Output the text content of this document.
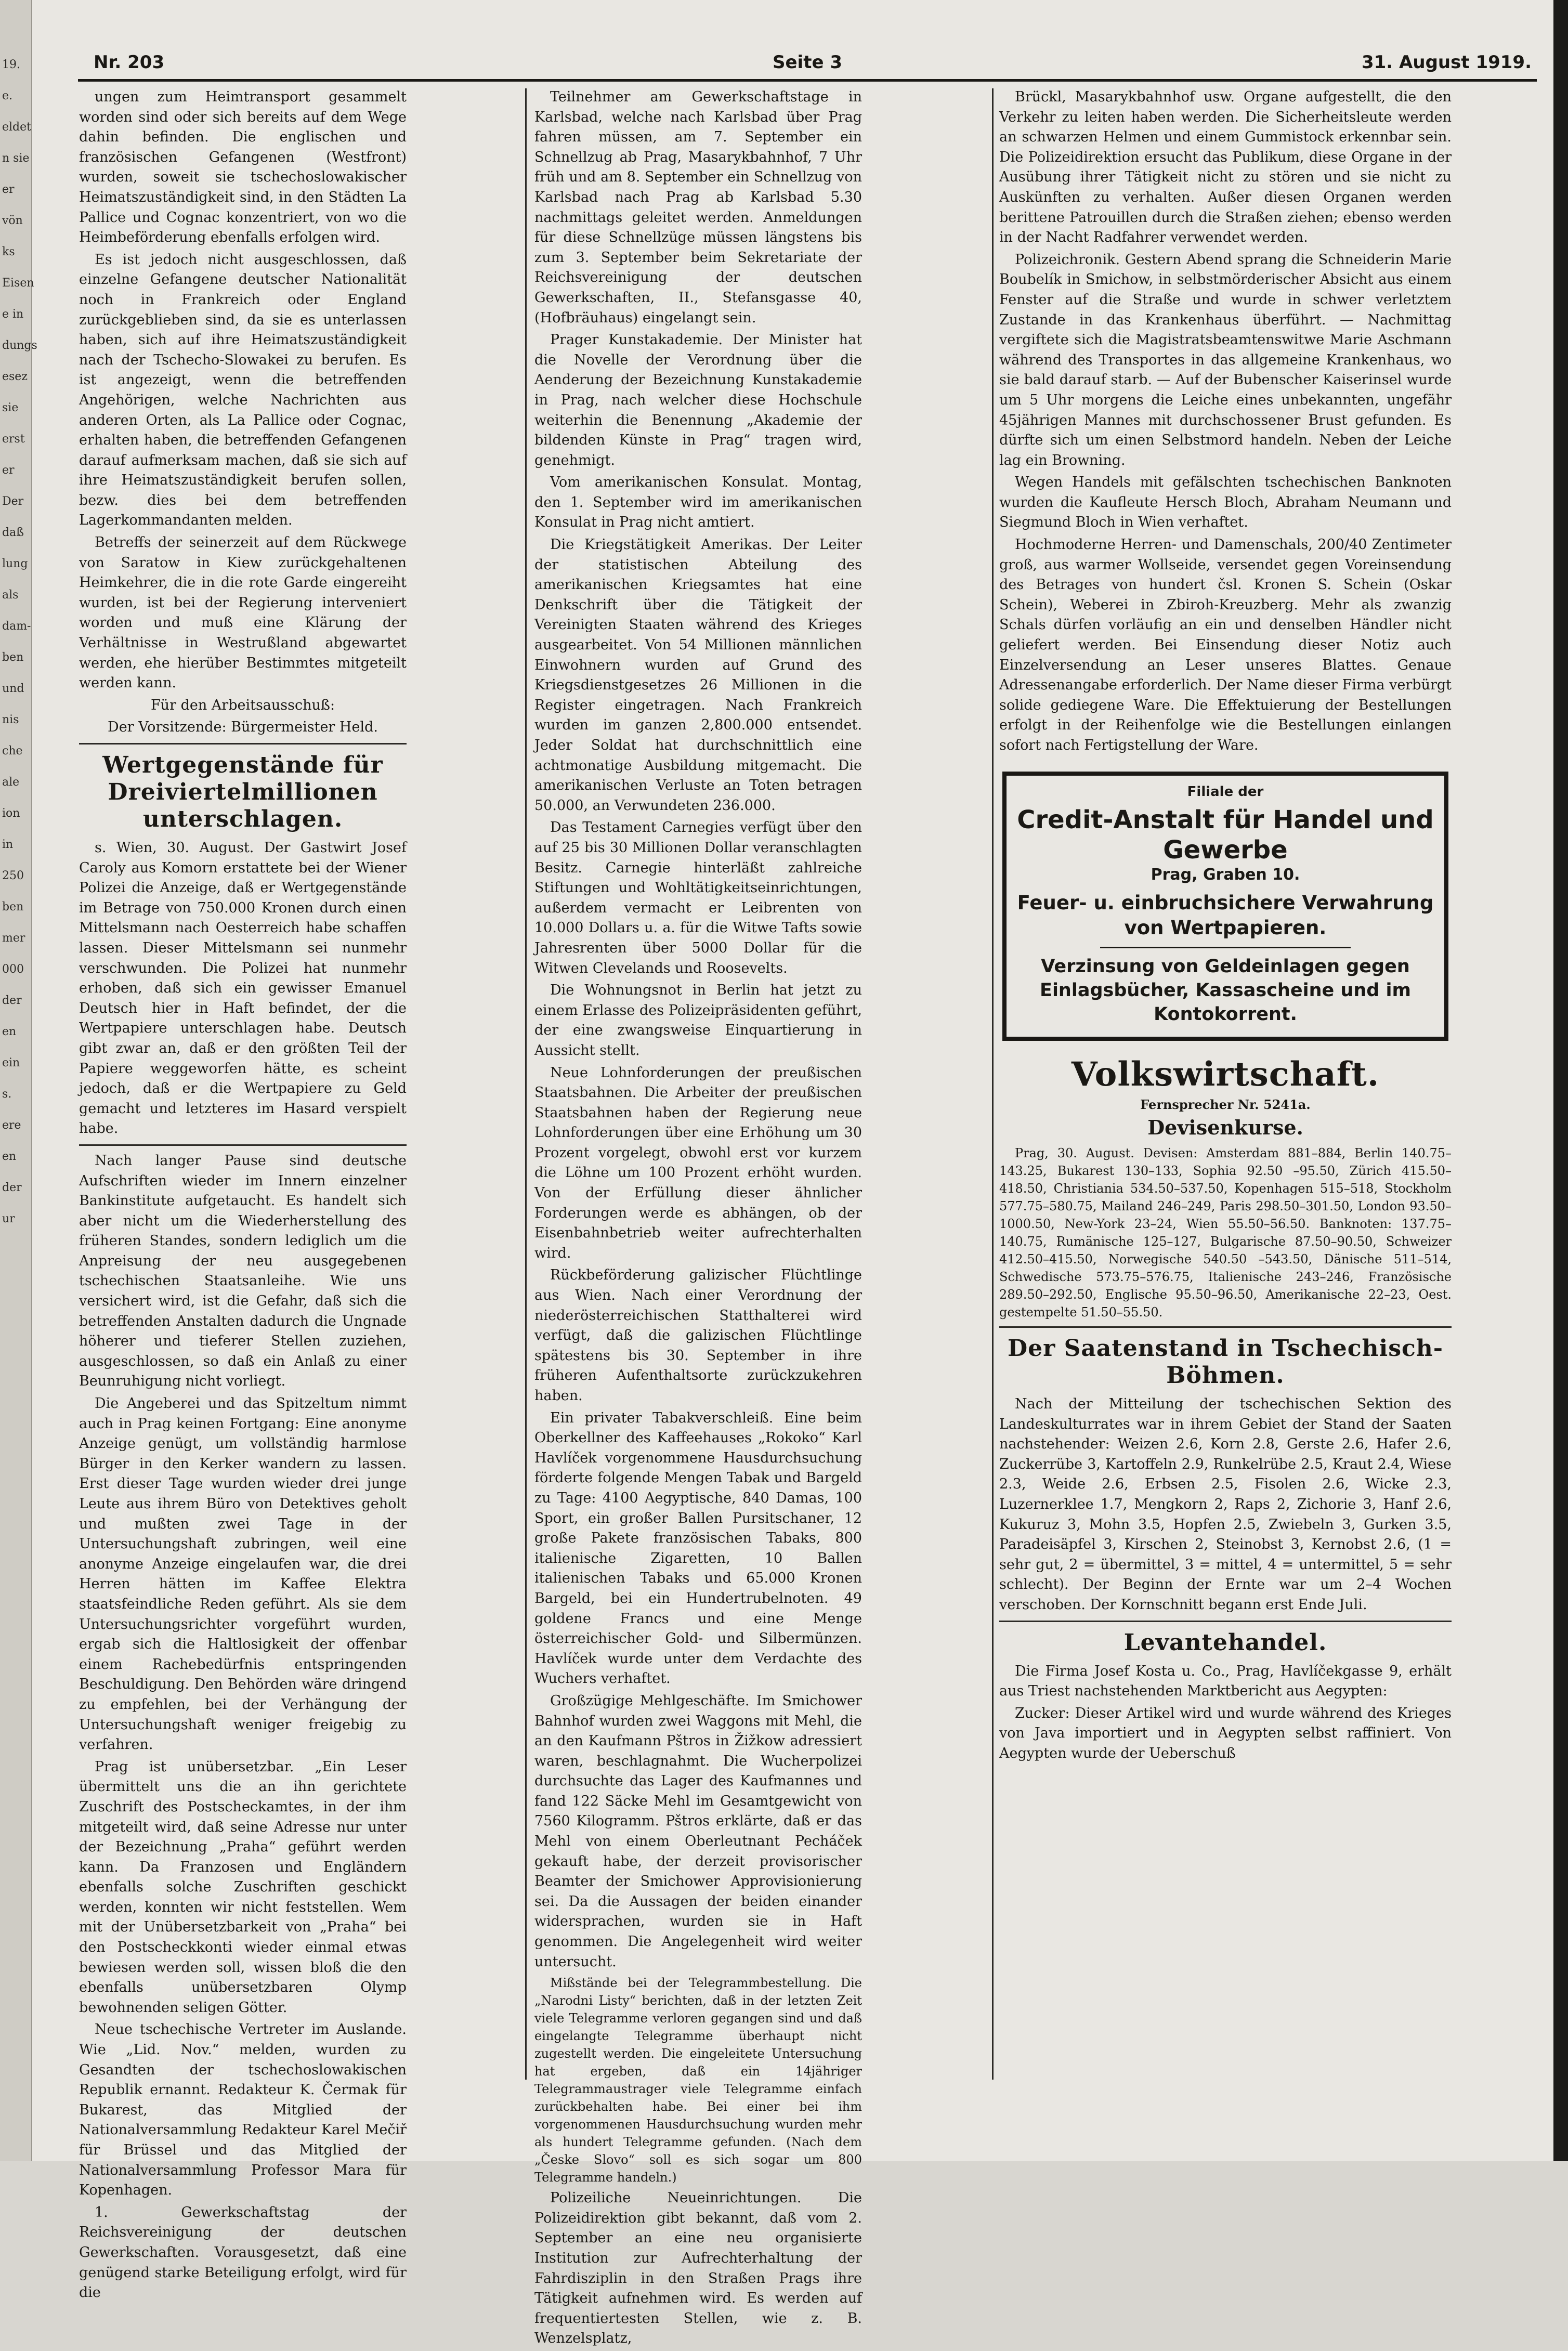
19.
e.
eldet
n sie
er
vön
ks
Eisen
e in
dungs
esez
sie
erst
er
Der
daß
lung
als
dam-
ben
und
nis
che
ale
ion
in
250
ben
mer
000
der
en
ein
s.
ere
en
der
ur
Nr. 203	Seite 3	31. August 1919.

ungen zum Heimtransport gesammelt worden sind oder sich bereits auf dem Wege dahin befinden. Die englischen und französischen Gefangenen (Westfront) wurden, soweit sie tschechoslowakischer Heimatszuständigkeit sind, in den Städten La Pallice und Cognac konzentriert, von wo die Heimbeförderung ebenfalls erfolgen wird.

Es ist jedoch nicht ausgeschlossen, daß einzelne Gefangene deutscher Nationalität noch in Frankreich oder England zurückgeblieben sind, da sie es unterlassen haben, sich auf ihre Heimatszuständigkeit nach der Tschecho-Slowakei zu berufen. Es ist angezeigt, wenn die betreffenden Angehörigen, welche Nachrichten aus anderen Orten, als La Pallice oder Cognac, erhalten haben, die betreffenden Gefangenen darauf aufmerksam machen, daß sie sich auf ihre Heimatszuständigkeit berufen sollen, bezw. dies bei dem betreffenden Lagerkommandanten melden.

Betreffs der seinerzeit auf dem Rückwege von Saratow in Kiew zurückgehaltenen Heimkehrer, die in die rote Garde eingereiht wurden, ist bei der Regierung interveniert worden und muß eine Klärung der Verhältnisse in Westrußland abgewartet werden, ehe hierüber Bestimmtes mitgeteilt werden kann.

Für den Arbeitsausschuß:

Der Vorsitzende: Bürgermeister Held.

Wertgegenstände für Dreiviertelmillionen unterschlagen.

s. Wien, 30. August. Der Gastwirt Josef Caroly aus Komorn erstattete bei der Wiener Polizei die Anzeige, daß er Wertgegenstände im Betrage von 750.000 Kronen durch einen Mittelsmann nach Oesterreich habe schaffen lassen. Dieser Mittelsmann sei nunmehr verschwunden. Die Polizei hat nunmehr erhoben, daß sich ein gewisser Emanuel Deutsch hier in Haft befindet, der die Wertpapiere unterschlagen habe. Deutsch gibt zwar an, daß er den größten Teil der Papiere weggeworfen hätte, es scheint jedoch, daß er die Wertpapiere zu Geld gemacht und letzteres im Hasard verspielt habe.

Nach langer Pause sind deutsche Aufschriften wieder im Innern einzelner Bankinstitute aufgetaucht. Es handelt sich aber nicht um die Wiederherstellung des früheren Standes, sondern lediglich um die Anpreisung der neu ausgegebenen tschechischen Staatsanleihe. Wie uns versichert wird, ist die Gefahr, daß sich die betreffenden Anstalten dadurch die Ungnade höherer und tieferer Stellen zuziehen, ausgeschlossen, so daß ein Anlaß zu einer Beunruhigung nicht vorliegt.

Die Angeberei und das Spitzeltum nimmt auch in Prag keinen Fortgang: Eine anonyme Anzeige genügt, um vollständig harmlose Bürger in den Kerker wandern zu lassen. Erst dieser Tage wurden wieder drei junge Leute aus ihrem Büro von Detektives geholt und mußten zwei Tage in der Untersuchungshaft zubringen, weil eine anonyme Anzeige eingelaufen war, die drei Herren hätten im Kaffee Elektra staatsfeindliche Reden geführt. Als sie dem Untersuchungsrichter vorgeführt wurden, ergab sich die Haltlosigkeit der offenbar einem Rachebedürfnis entspringenden Beschuldigung. Den Behörden wäre dringend zu empfehlen, bei der Verhängung der Untersuchungshaft weniger freigebig zu verfahren.

Prag ist unübersetzbar. „Ein Leser übermittelt uns die an ihn gerichtete Zuschrift des Postscheckamtes, in der ihm mitgeteilt wird, daß seine Adresse nur unter der Bezeichnung „Praha“ geführt werden kann. Da Franzosen und Engländern ebenfalls solche Zuschriften geschickt werden, konnten wir nicht feststellen. Wem mit der Unübersetzbarkeit von „Praha“ bei den Postscheckkonti wieder einmal etwas bewiesen werden soll, wissen bloß die den ebenfalls unübersetzbaren Olymp bewohnenden seligen Götter.

Neue tschechische Vertreter im Auslande. Wie „Lid. Nov.“ melden, wurden zu Gesandten der tschechoslowakischen Republik ernannt. Redakteur K. Čermak für Bukarest, das Mitglied der Nationalversammlung Redakteur Karel Mečiř für Brüssel und das Mitglied der Nationalversammlung Professor Mara für Kopenhagen.

1. Gewerkschaftstag der Reichsvereinigung der deutschen Gewerkschaften. Vorausgesetzt, daß eine genügend starke Beteiligung erfolgt, wird für die

Teilnehmer am Gewerkschaftstage in Karlsbad, welche nach Karlsbad über Prag fahren müssen, am 7. September ein Schnellzug ab Prag, Masarykbahnhof, 7 Uhr früh und am 8. September ein Schnellzug von Karlsbad nach Prag ab Karlsbad 5.30 nachmittags geleitet werden. Anmeldungen für diese Schnellzüge müssen längstens bis zum 3. September beim Sekretariate der Reichsvereinigung der deutschen Gewerkschaften, II., Stefansgasse 40, (Hofbräuhaus) eingelangt sein.

Prager Kunstakademie. Der Minister hat die Novelle der Verordnung über die Aenderung der Bezeichnung Kunstakademie in Prag, nach welcher diese Hochschule weiterhin die Benennung „Akademie der bildenden Künste in Prag“ tragen wird, genehmigt.

Vom amerikanischen Konsulat. Montag, den 1. September wird im amerikanischen Konsulat in Prag nicht amtiert.

Die Kriegstätigkeit Amerikas. Der Leiter der statistischen Abteilung des amerikanischen Kriegsamtes hat eine Denkschrift über die Tätigkeit der Vereinigten Staaten während des Krieges ausgearbeitet. Von 54 Millionen männlichen Einwohnern wurden auf Grund des Kriegsdienstgesetzes 26 Millionen in die Register eingetragen. Nach Frankreich wurden im ganzen 2,800.000 entsendet. Jeder Soldat hat durchschnittlich eine achtmonatige Ausbildung mitgemacht. Die amerikanischen Verluste an Toten betragen 50.000, an Verwundeten 236.000.

Das Testament Carnegies verfügt über den auf 25 bis 30 Millionen Dollar veranschlagten Besitz. Carnegie hinterläßt zahlreiche Stiftungen und Wohltätigkeitseinrichtungen, außerdem vermacht er Leibrenten von 10.000 Dollars u. a. für die Witwe Tafts sowie Jahresrenten über 5000 Dollar für die Witwen Clevelands und Roosevelts.

Die Wohnungsnot in Berlin hat jetzt zu einem Erlasse des Polizeipräsidenten geführt, der eine zwangsweise Einquartierung in Aussicht stellt.

Neue Lohnforderungen der preußischen Staatsbahnen. Die Arbeiter der preußischen Staatsbahnen haben der Regierung neue Lohnforderungen über eine Erhöhung um 30 Prozent vorgelegt, obwohl erst vor kurzem die Löhne um 100 Prozent erhöht wurden. Von der Erfüllung dieser ähnlicher Forderungen werde es abhängen, ob der Eisenbahnbetrieb weiter aufrechterhalten wird.

Rückbeförderung galizischer Flüchtlinge aus Wien. Nach einer Verordnung der niederösterreichischen Statthalterei wird verfügt, daß die galizischen Flüchtlinge spätestens bis 30. September in ihre früheren Aufenthaltsorte zurückzukehren haben.

Ein privater Tabakverschleiß. Eine beim Oberkellner des Kaffeehauses „Rokoko“ Karl Havlíček vorgenommene Hausdurchsuchung förderte folgende Mengen Tabak und Bargeld zu Tage: 4100 Aegyptische, 840 Damas, 100 Sport, ein großer Ballen Pursitschaner, 12 große Pakete französischen Tabaks, 800 italienische Zigaretten, 10 Ballen italienischen Tabaks und 65.000 Kronen Bargeld, bei ein Hundertrubelnoten. 49 goldene Francs und eine Menge österreichischer Gold- und Silbermünzen. Havlíček wurde unter dem Verdachte des Wuchers verhaftet.

Großzügige Mehlgeschäfte. Im Smichower Bahnhof wurden zwei Waggons mit Mehl, die an den Kaufmann Pštros in Žižkow adressiert waren, beschlagnahmt. Die Wucherpolizei durchsuchte das Lager des Kaufmannes und fand 122 Säcke Mehl im Gesamtgewicht von 7560 Kilogramm. Pštros erklärte, daß er das Mehl von einem Oberleutnant Pecháček gekauft habe, der derzeit provisorischer Beamter der Smichower Approvisionierung sei. Da die Aussagen der beiden einander widersprachen, wurden sie in Haft genommen. Die Angelegenheit wird weiter untersucht.

Mißstände bei der Telegrammbestellung. Die „Narodni Listy“ berichten, daß in der letzten Zeit viele Telegramme verloren gegangen sind und daß eingelangte Telegramme überhaupt nicht zugestellt werden. Die eingeleitete Untersuchung hat ergeben, daß ein 14jähriger Telegrammaustrager viele Telegramme einfach zurückbehalten habe. Bei einer bei ihm vorgenommenen Hausdurchsuchung wurden mehr als hundert Telegramme gefunden. (Nach dem „Česke Slovo“ soll es sich sogar um 800 Telegramme handeln.)

Polizeiliche Neueinrichtungen. Die Polizeidirektion gibt bekannt, daß vom 2. September an eine neu organisierte Institution zur Aufrechterhaltung der Fahrdisziplin in den Straßen Prags ihre Tätigkeit aufnehmen wird. Es werden auf frequentiertesten Stellen, wie z. B. Wenzelsplatz,

Brückl, Masarykbahnhof usw. Organe aufgestellt, die den Verkehr zu leiten haben werden. Die Sicherheitsleute werden an schwarzen Helmen und einem Gummistock erkennbar sein. Die Polizeidirektion ersucht das Publikum, diese Organe in der Ausübung ihrer Tätigkeit nicht zu stören und sie nicht zu Auskünften zu verhalten. Außer diesen Organen werden berittene Patrouillen durch die Straßen ziehen; ebenso werden in der Nacht Radfahrer verwendet werden.

Polizeichronik. Gestern Abend sprang die Schneiderin Marie Boubelík in Smichow, in selbstmörderischer Absicht aus einem Fenster auf die Straße und wurde in schwer verletztem Zustande in das Krankenhaus überführt. — Nachmittag vergiftete sich die Magistratsbeamtenswitwe Marie Aschmann während des Transportes in das allgemeine Krankenhaus, wo sie bald darauf starb. — Auf der Bubenscher Kaiserinsel wurde um 5 Uhr morgens die Leiche eines unbekannten, ungefähr 45jährigen Mannes mit durchschossener Brust gefunden. Es dürfte sich um einen Selbstmord handeln. Neben der Leiche lag ein Browning.

Wegen Handels mit gefälschten tschechischen Banknoten wurden die Kaufleute Hersch Bloch, Abraham Neumann und Siegmund Bloch in Wien verhaftet.

Hochmoderne Herren- und Damenschals, 200/40 Zentimeter groß, aus warmer Wollseide, versendet gegen Voreinsendung des Betrages von hundert čsl. Kronen S. Schein (Oskar Schein), Weberei in Zbiroh-Kreuzberg. Mehr als zwanzig Schals dürfen vorläufig an ein und denselben Händler nicht geliefert werden. Bei Einsendung dieser Notiz auch Einzelversendung an Leser unseres Blattes. Genaue Adressenangabe erforderlich. Der Name dieser Firma verbürgt solide gediegene Ware. Die Effektuierung der Bestellungen erfolgt in der Reihenfolge wie die Bestellungen einlangen sofort nach Fertigstellung der Ware.

Filiale der
Credit-Anstalt für Handel und Gewerbe
Prag, Graben 10.
Feuer- u. einbruchsichere Verwahrung von Wertpapieren.
Verzinsung von Geldeinlagen gegen Einlagsbücher, Kassascheine und im Kontokorrent.
Volkswirtschaft.
Fernsprecher Nr. 5241a.
Devisenkurse.

Prag, 30. August. Devisen: Amsterdam 881–884, Berlin 140.75–143.25, Bukarest 130–133, Sophia 92.50 –95.50, Zürich 415.50–418.50, Christiania 534.50–537.50, Kopenhagen 515–518, Stockholm 577.75–580.75, Mailand 246–249, Paris 298.50–301.50, London 93.50–1000.50, New-York 23–24, Wien 55.50–56.50. Banknoten: 137.75–140.75, Rumänische 125–127, Bulgarische 87.50–90.50, Schweizer 412.50–415.50, Norwegische 540.50 –543.50, Dänische 511–514, Schwedische 573.75–576.75, Italienische 243–246, Französische 289.50–292.50, Englische 95.50–96.50, Amerikanische 22–23, Oest. gestempelte 51.50–55.50.

Der Saatenstand in Tschechisch-Böhmen.

Nach der Mitteilung der tschechischen Sektion des Landeskulturrates war in ihrem Gebiet der Stand der Saaten nachstehender: Weizen 2.6, Korn 2.8, Gerste 2.6, Hafer 2.6, Zuckerrübe 3, Kartoffeln 2.9, Runkelrübe 2.5, Kraut 2.4, Wiese 2.3, Weide 2.6, Erbsen 2.5, Fisolen 2.6, Wicke 2.3, Luzernerklee 1.7, Mengkorn 2, Raps 2, Zichorie 3, Hanf 2.6, Kukuruz 3, Mohn 3.5, Hopfen 2.5, Zwiebeln 3, Gurken 3.5, Paradeisäpfel 3, Kirschen 2, Steinobst 3, Kernobst 2.6, (1 = sehr gut, 2 = übermittel, 3 = mittel, 4 = untermittel, 5 = sehr schlecht). Der Beginn der Ernte war um 2–4 Wochen verschoben. Der Kornschnitt begann erst Ende Juli.

Levantehandel.

Die Firma Josef Kosta u. Co., Prag, Havlíčekgasse 9, erhält aus Triest nachstehenden Marktbericht aus Aegypten:

Zucker: Dieser Artikel wird und wurde während des Krieges von Java importiert und in Aegypten selbst raffiniert. Von Aegypten wurde der Ueberschuß
